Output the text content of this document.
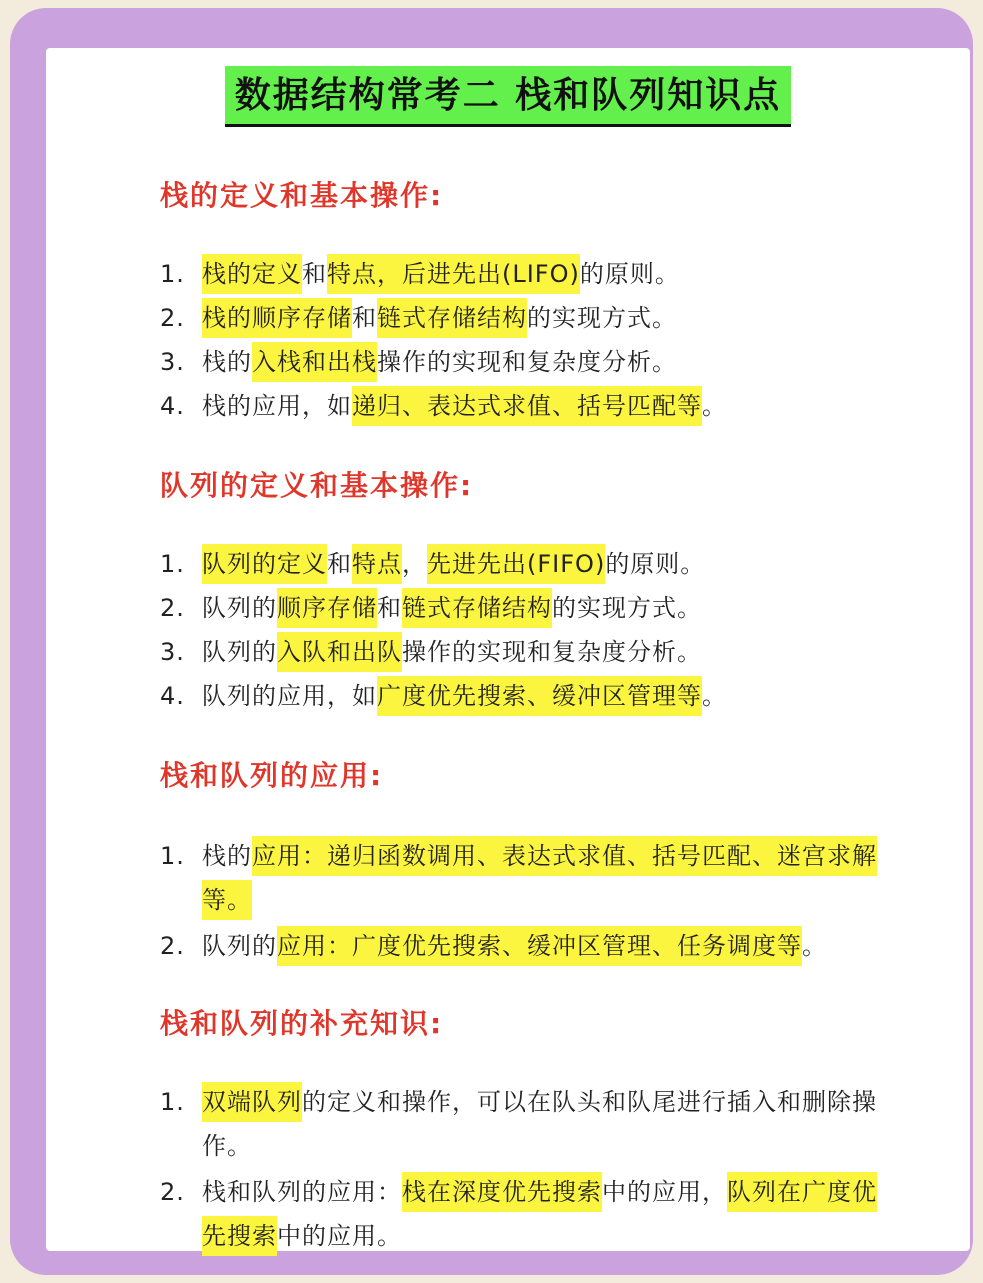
数据结构常考二 栈和队列知识点
栈的定义和基本操作:
1. 栈的定义和特点，后进先出(LIFO)的原则。
2. 栈的顺序存储和链式存储结构的实现方式。
3. 栈的入栈和出栈操作的实现和复杂度分析。
4. 栈的应用，如递归、表达式求值、括号匹配等。
队列的定义和基本操作:
1. 队列的定义和特点，先进先出(FIFO)的原则。
2. 队列的顺序存储和链式存储结构的实现方式。
3. 队列的入队和出队操作的实现和复杂度分析。
4. 队列的应用，如广度优先搜索、缓冲区管理等。
栈和队列的应用:
1. 栈的应用：递归函数调用、表达式求值、括号匹配、迷宫求解等。
2. 队列的应用：广度优先搜索、缓冲区管理、任务调度等。
栈和队列的补充知识:
1. 双端队列的定义和操作，可以在队头和队尾进行插入和删除操作。
2. 栈和队列的应用：栈在深度优先搜索中的应用，队列在广度优先搜索中的应用。
